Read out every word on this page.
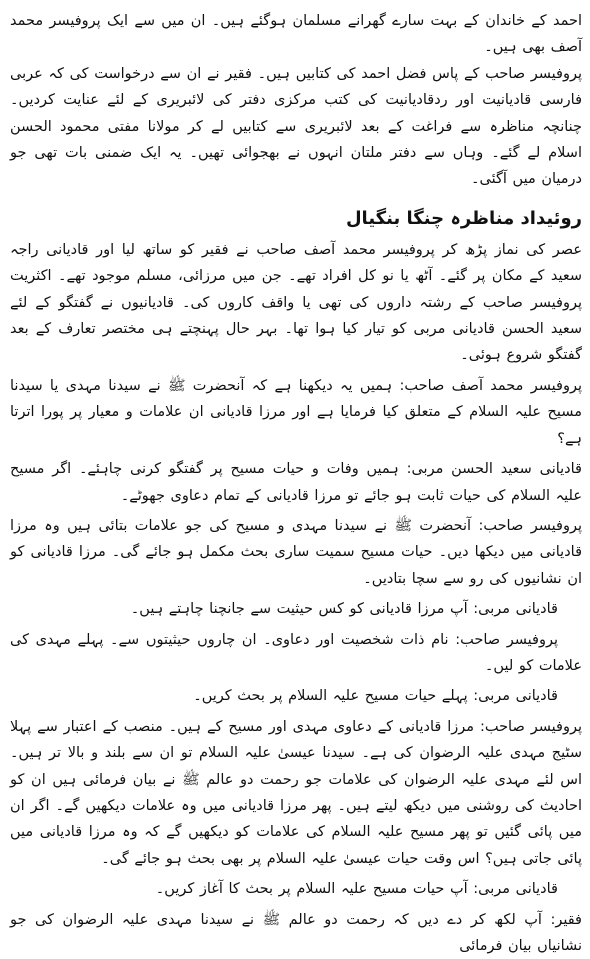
احمد کے خاندان کے بہت سارے گھرانے مسلمان ہوگئے ہیں۔ ان میں سے ایک پروفیسر محمد آصف بھی ہیں۔

پروفیسر صاحب کے پاس فضل احمد کی کتابیں ہیں۔ فقیر نے ان سے درخواست کی کہ عربی فارسی قادیانیت اور ردقادیانیت کی کتب مرکزی دفتر کی لائبریری کے لئے عنایت کردیں۔ چنانچہ مناظرہ سے فراغت کے بعد لائبریری سے کتابیں لے کر مولانا مفتی محمود الحسن اسلام لے گئے۔ وہاں سے دفتر ملتان انہوں نے بھجوائی تھیں۔ یہ ایک ضمنی بات تھی جو درمیان میں آگئی۔

روئیداد مناظرہ چنگا بنگیال

عصر کی نماز پڑھ کر پروفیسر محمد آصف صاحب نے فقیر کو ساتھ لیا اور قادیانی راجہ سعید کے مکان پر گئے۔ آٹھ یا نو کل افراد تھے۔ جن میں مرزائی، مسلم موجود تھے۔ اکثریت پروفیسر صاحب کے رشتہ داروں کی تھی یا واقف کاروں کی۔ قادیانیوں نے گفتگو کے لئے سعید الحسن قادیانی مربی کو تیار کیا ہوا تھا۔ بہر حال پہنچتے ہی مختصر تعارف کے بعد گفتگو شروع ہوئی۔

پروفیسر محمد آصف صاحب: ہمیں یہ دیکھنا ہے کہ آنحضرت ﷺ نے سیدنا مہدی یا سیدنا مسیح علیہ السلام کے متعلق کیا فرمایا ہے اور مرزا قادیانی ان علامات و معیار پر پورا اترتا ہے؟

قادیانی سعید الحسن مربی: ہمیں وفات و حیات مسیح پر گفتگو کرنی چاہئے۔ اگر مسیح علیہ السلام کی حیات ثابت ہو جائے تو مرزا قادیانی کے تمام دعاوی جھوٹے۔

پروفیسر صاحب: آنحضرت ﷺ نے سیدنا مہدی و مسیح کی جو علامات بتائی ہیں وہ مرزا قادیانی میں دیکھا دیں۔ حیات مسیح سمیت ساری بحث مکمل ہو جائے گی۔ مرزا قادیانی کو ان نشانیوں کی رو سے سچا بتادیں۔

قادیانی مربی: آپ مرزا قادیانی کو کس حیثیت سے جانچنا چاہتے ہیں۔

پروفیسر صاحب: نام ذات شخصیت اور دعاوی۔ ان چاروں حیثیتوں سے۔ پہلے مہدی کی علامات کو لیں۔

قادیانی مربی: پہلے حیات مسیح علیہ السلام پر بحث کریں۔

پروفیسر صاحب: مرزا قادیانی کے دعاوی مہدی اور مسیح کے ہیں۔ منصب کے اعتبار سے پہلا سٹیج مہدی علیہ الرضوان کی ہے۔ سیدنا عیسیٰ علیہ السلام تو ان سے بلند و بالا تر ہیں۔ اس لئے مہدی علیہ الرضوان کی علامات جو رحمت دو عالم ﷺ نے بیان فرمائی ہیں ان کو احادیث کی روشنی میں دیکھ لیتے ہیں۔ پھر مرزا قادیانی میں وہ علامات دیکھیں گے۔ اگر ان میں پائی گئیں تو پھر مسیح علیہ السلام کی علامات کو دیکھیں گے کہ وہ مرزا قادیانی میں پائی جاتی ہیں؟ اس وقت حیات عیسیٰ علیہ السلام پر بھی بحث ہو جائے گی۔

قادیانی مربی: آپ حیات مسیح علیہ السلام پر بحث کا آغاز کریں۔

فقیر: آپ لکھ کر دے دیں کہ رحمت دو عالم ﷺ نے سیدنا مہدی علیہ الرضوان کی جو نشانیاں بیان فرمائی
